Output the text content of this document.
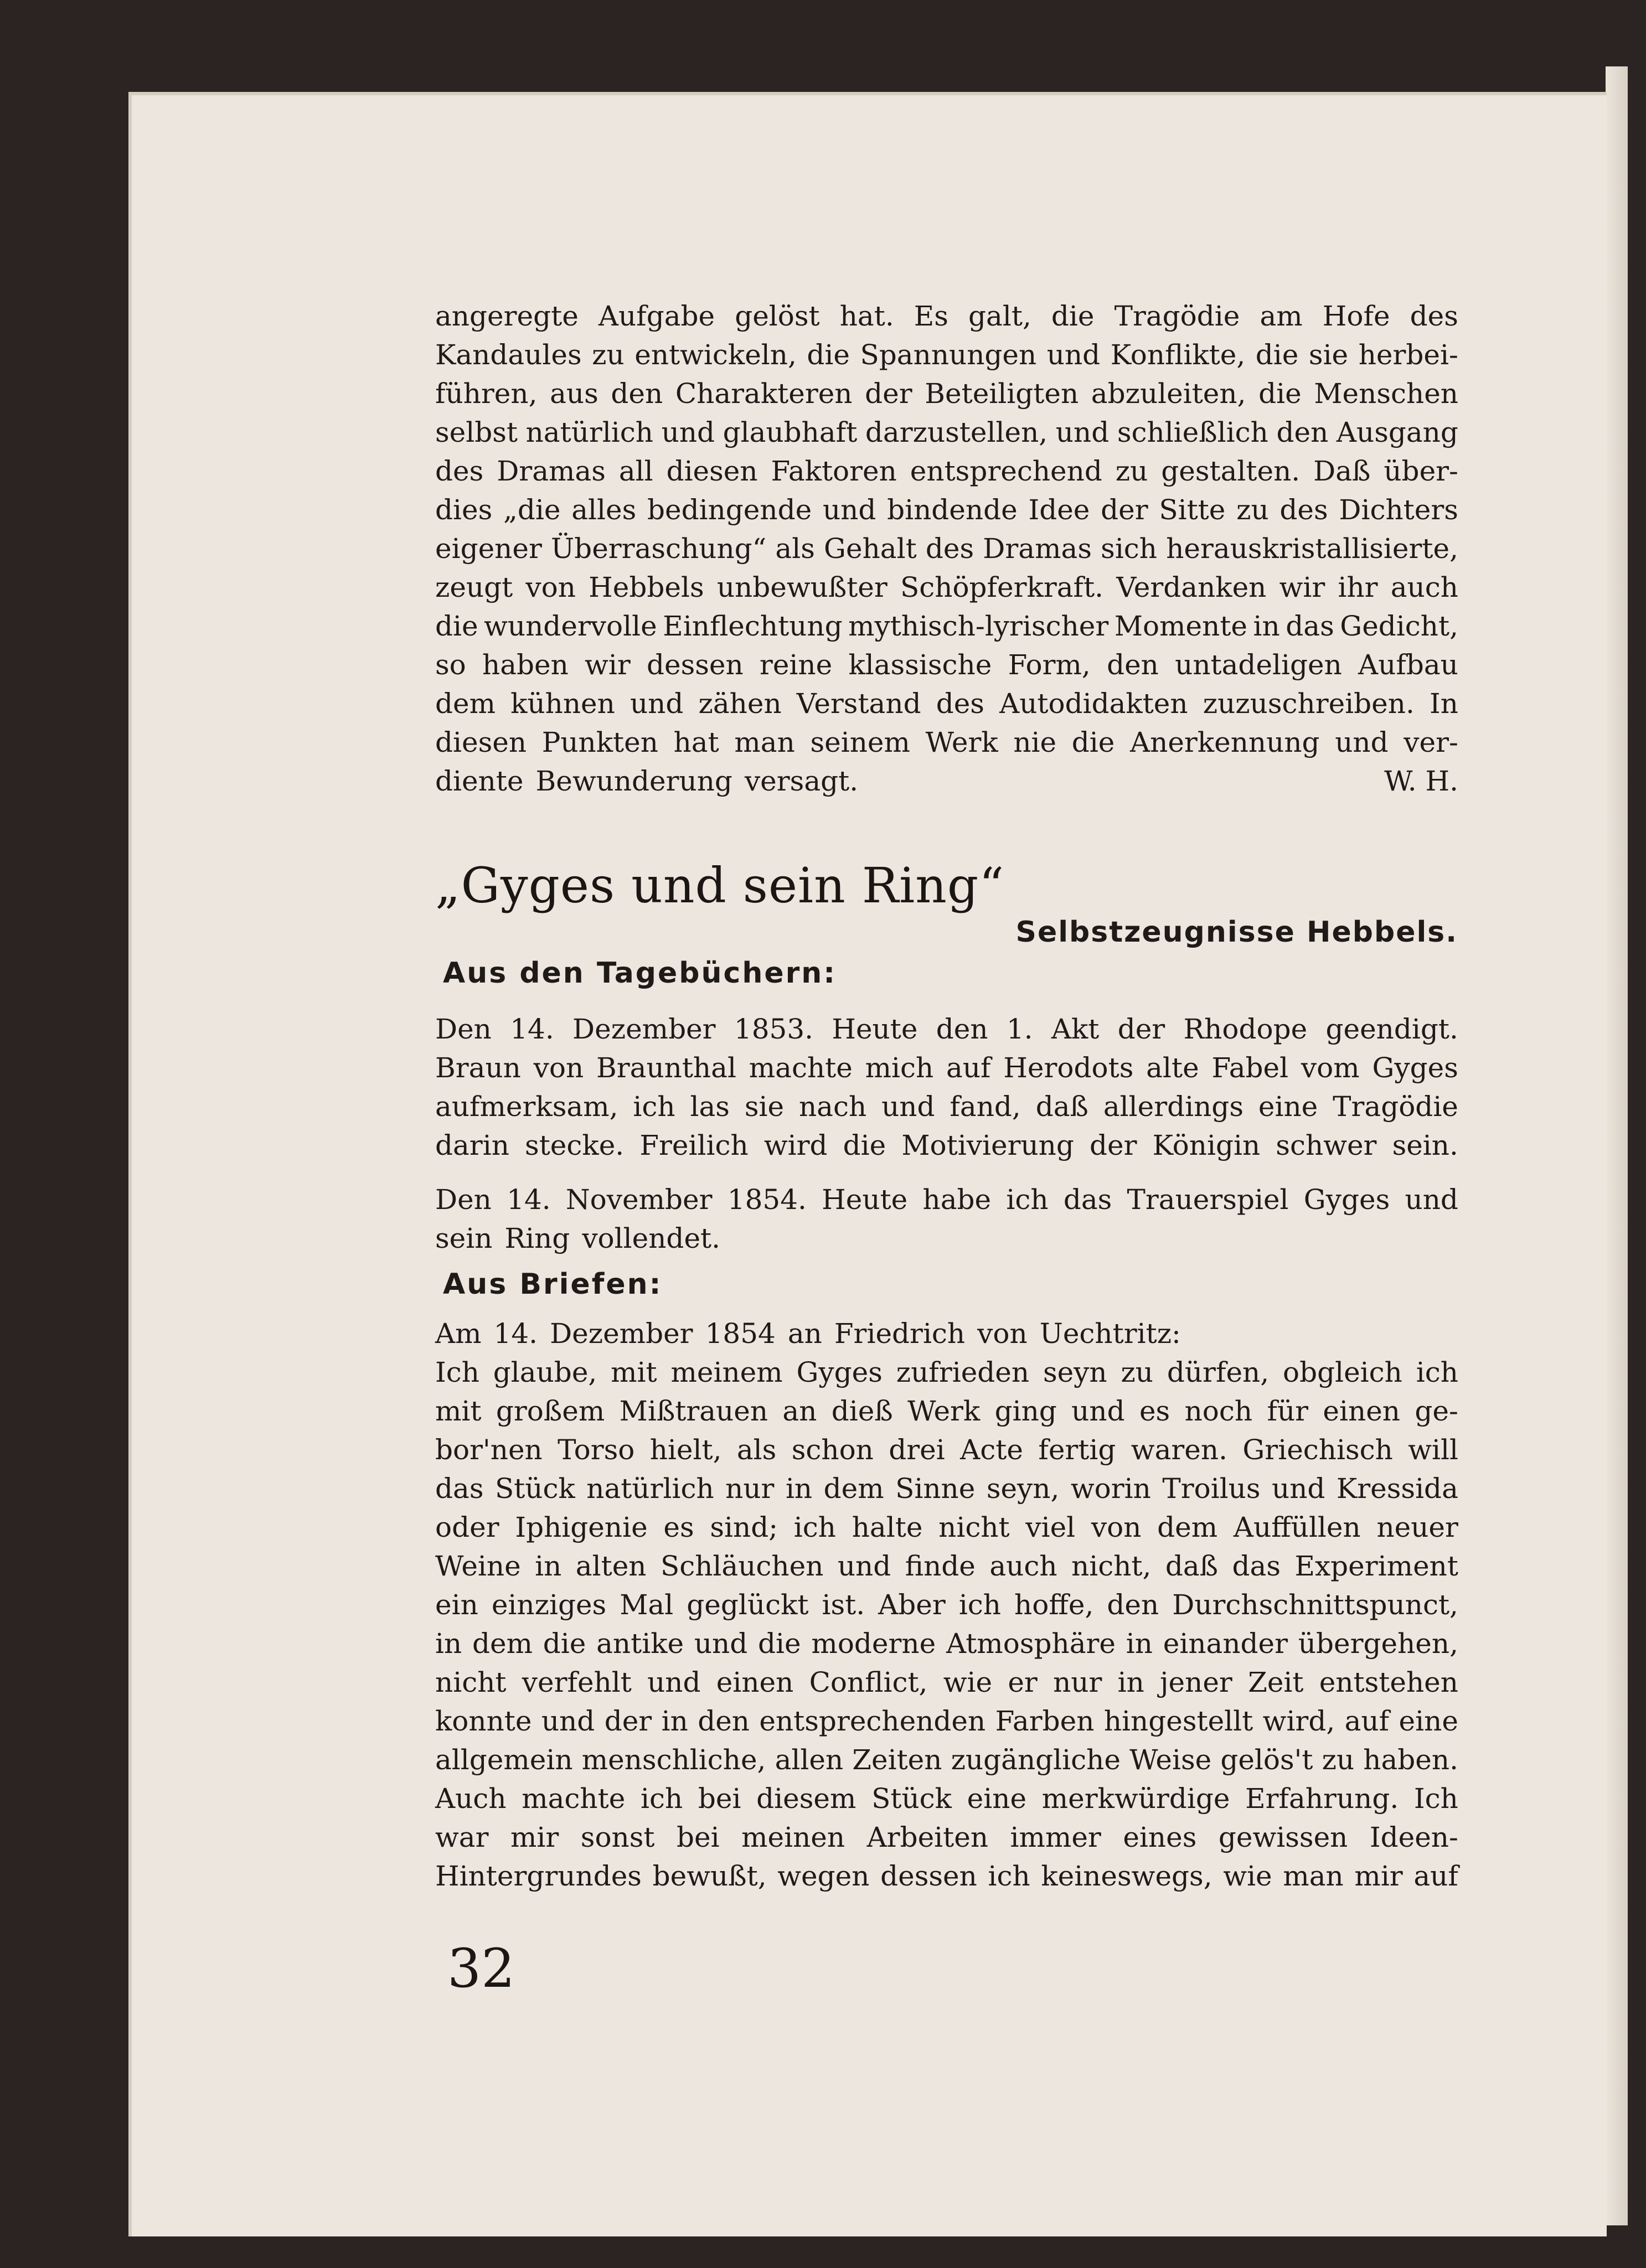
angeregte Aufgabe gelöst hat. Es galt, die Tragödie am Hofe des
Kandaules zu entwickeln, die Spannungen und Konflikte, die sie herbei-
führen, aus den Charakteren der Beteiligten abzuleiten, die Menschen
selbst natürlich und glaubhaft darzustellen, und schließlich den Ausgang
des Dramas all diesen Faktoren entsprechend zu gestalten. Daß über-
dies „die alles bedingende und bindende Idee der Sitte zu des Dichters
eigener Überraschung“ als Gehalt des Dramas sich herauskristallisierte,
zeugt von Hebbels unbewußter Schöpferkraft. Verdanken wir ihr auch
die wundervolle Einflechtung mythisch-lyrischer Momente in das Gedicht,
so haben wir dessen reine klassische Form, den untadeligen Aufbau
dem kühnen und zähen Verstand des Autodidakten zuzuschreiben. In
diesen Punkten hat man seinem Werk nie die Anerkennung und ver-
diente Bewunderung versagt.	W. H.
„Gyges und sein Ring“
Selbstzeugnisse Hebbels.
Aus den Tagebüchern:
Den 14. Dezember 1853. Heute den 1. Akt der Rhodope geendigt.
Braun von Braunthal machte mich auf Herodots alte Fabel vom Gyges
aufmerksam, ich las sie nach und fand, daß allerdings eine Tragödie
darin stecke. Freilich wird die Motivierung der Königin schwer sein.
Den 14. November 1854. Heute habe ich das Trauerspiel Gyges und
sein Ring vollendet.
Aus Briefen:
Am 14. Dezember 1854 an Friedrich von Uechtritz:
Ich glaube, mit meinem Gyges zufrieden seyn zu dürfen, obgleich ich
mit großem Mißtrauen an dieß Werk ging und es noch für einen ge-
bor'nen Torso hielt, als schon drei Acte fertig waren. Griechisch will
das Stück natürlich nur in dem Sinne seyn, worin Troilus und Kressida
oder Iphigenie es sind; ich halte nicht viel von dem Auffüllen neuer
Weine in alten Schläuchen und finde auch nicht, daß das Experiment
ein einziges Mal geglückt ist. Aber ich hoffe, den Durchschnittspunct,
in dem die antike und die moderne Atmosphäre in einander übergehen,
nicht verfehlt und einen Conflict, wie er nur in jener Zeit entstehen
konnte und der in den entsprechenden Farben hingestellt wird, auf eine
allgemein menschliche, allen Zeiten zugängliche Weise gelös't zu haben.
Auch machte ich bei diesem Stück eine merkwürdige Erfahrung. Ich
war mir sonst bei meinen Arbeiten immer eines gewissen Ideen-
Hintergrundes bewußt, wegen dessen ich keineswegs, wie man mir auf
32
